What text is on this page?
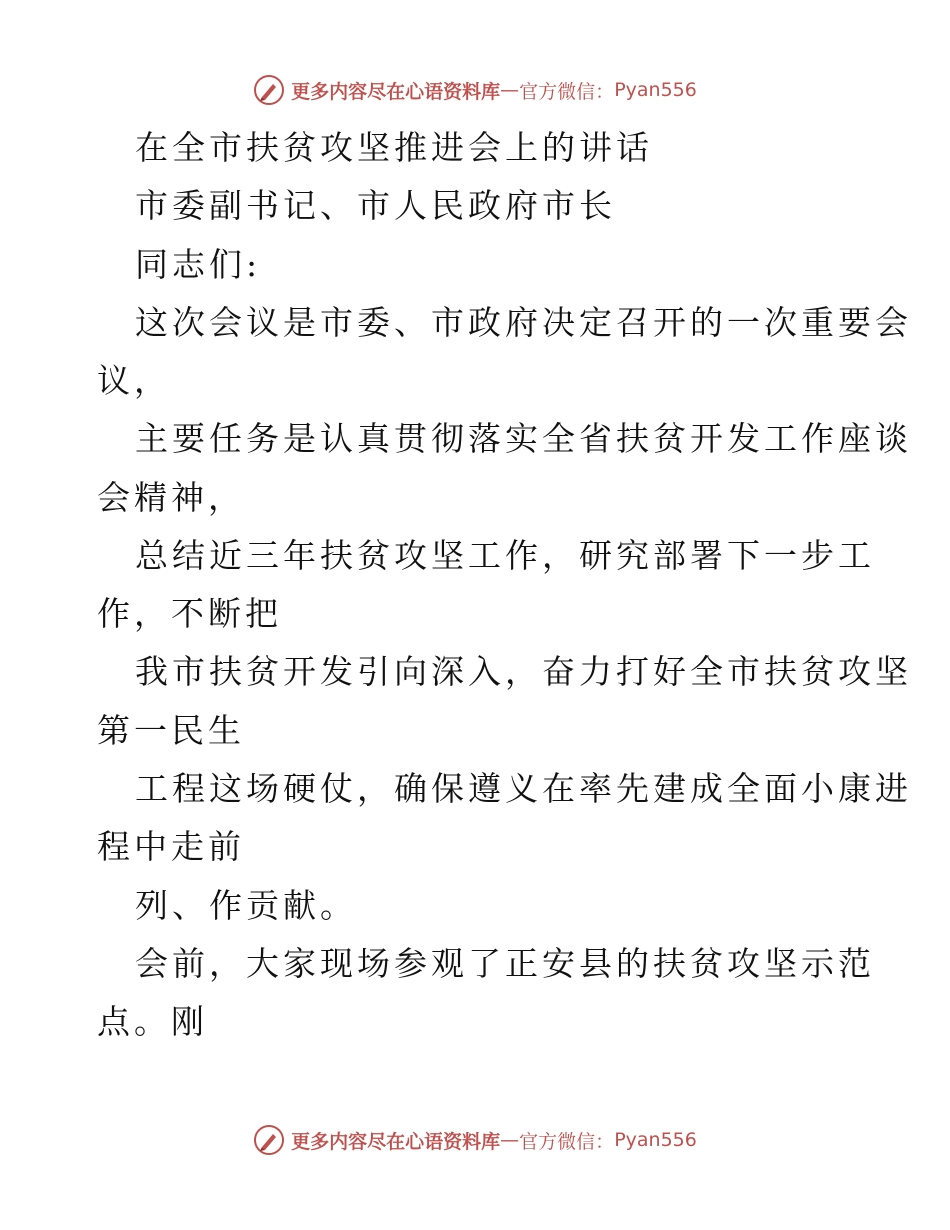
更多内容尽在心语资料库 — 官方微信： Pyan556
在全市扶贫攻坚推进会上的讲话
市委副书记、市人民政府市长
同志们:
这次会议是市委、市政府决定召开的一次重要会
议，
主要任务是认真贯彻落实全省扶贫开发工作座谈
会精神，
总结近三年扶贫攻坚工作，研究部署下一步工
作，不断把
我市扶贫开发引向深入，奋力打好全市扶贫攻坚
第一民生
工程这场硬仗，确保遵义在率先建成全面小康进
程中走前
列、作贡献。
会前，大家现场参观了正安县的扶贫攻坚示范
点。刚
更多内容尽在心语资料库 — 官方微信： Pyan556
